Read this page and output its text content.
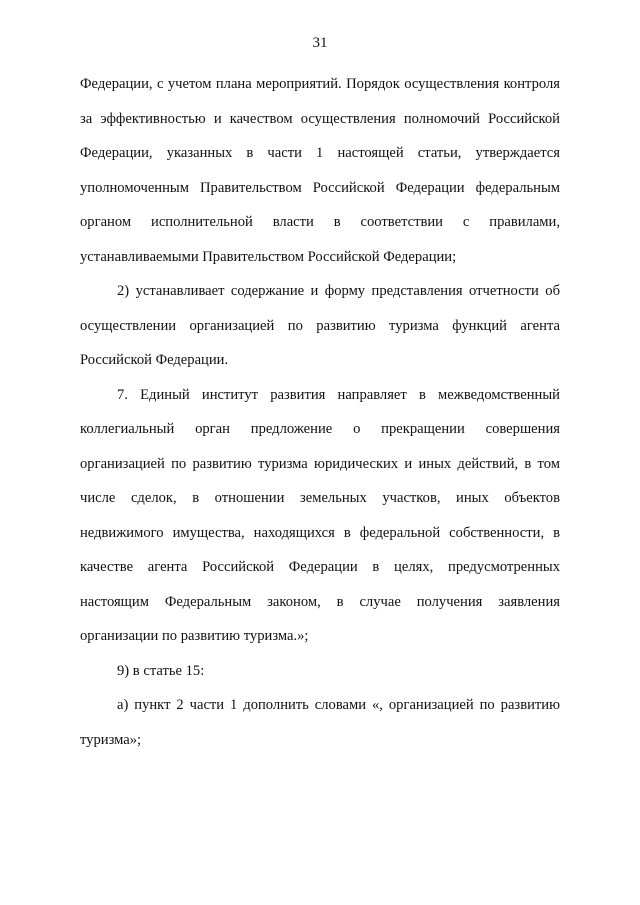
31

Федерации, с учетом плана мероприятий. Порядок осуществления контроля за эффективностью и качеством осуществления полномочий Российской Федерации, указанных в части 1 настоящей статьи, утверждается уполномоченным Правительством Российской Федерации федеральным органом исполнительной власти в соответствии с правилами, устанавливаемыми Правительством Российской Федерации;

2) устанавливает содержание и форму представления отчетности об осуществлении организацией по развитию туризма функций агента Российской Федерации.

7. Единый институт развития направляет в межведомственный коллегиальный орган предложение о прекращении совершения организацией по развитию туризма юридических и иных действий, в том числе сделок, в отношении земельных участков, иных объектов недвижимого имущества, находящихся в федеральной собственности, в качестве агента Российской Федерации в целях, предусмотренных настоящим Федеральным законом, в случае получения заявления организации по развитию туризма.»;

9) в статье 15:

а) пункт 2 части 1 дополнить словами «, организацией по развитию туризма»;
